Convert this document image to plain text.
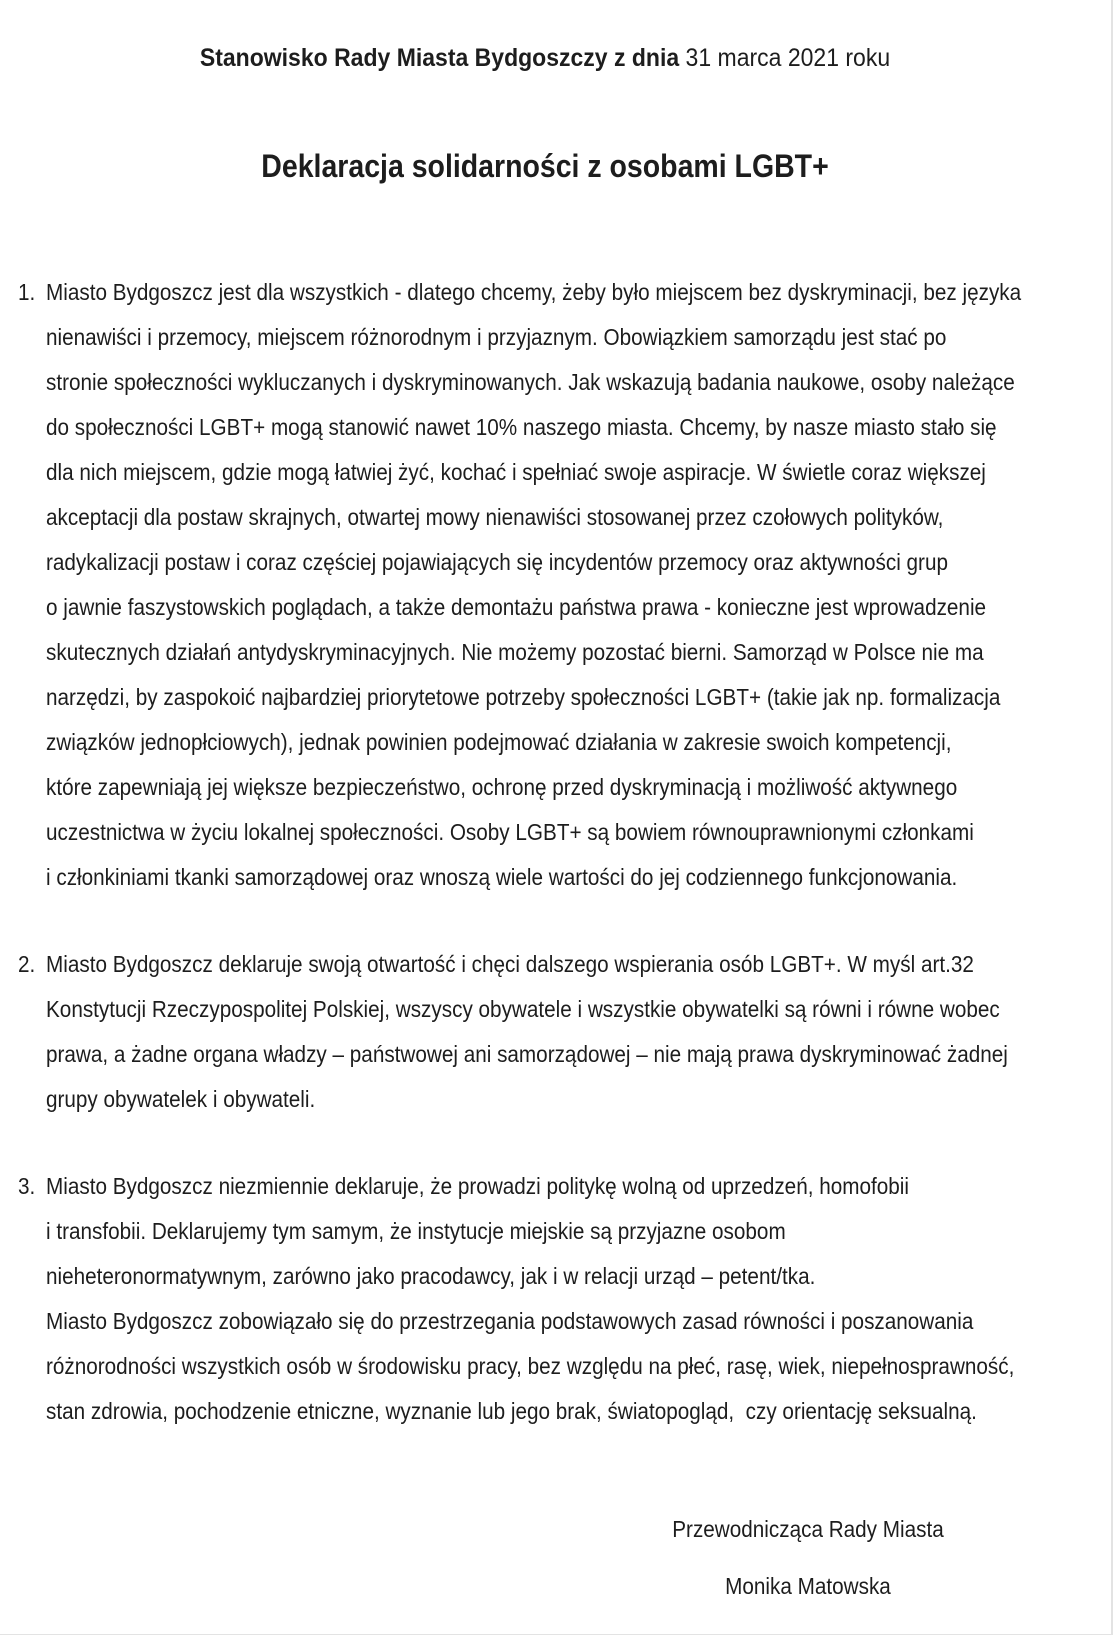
Stanowisko Rady Miasta Bydgoszczy z dnia 31 marca 2021 roku
Deklaracja solidarności z osobami LGBT+
1. Miasto Bydgoszcz jest dla wszystkich - dlatego chcemy, żeby było miejscem bez dyskryminacji, bez języka
nienawiści i przemocy, miejscem różnorodnym i przyjaznym. Obowiązkiem samorządu jest stać po
stronie społeczności wykluczanych i dyskryminowanych. Jak wskazują badania naukowe, osoby należące
do społeczności LGBT+ mogą stanowić nawet 10% naszego miasta. Chcemy, by nasze miasto stało się
dla nich miejscem, gdzie mogą łatwiej żyć, kochać i spełniać swoje aspiracje. W świetle coraz większej
akceptacji dla postaw skrajnych, otwartej mowy nienawiści stosowanej przez czołowych polityków,
radykalizacji postaw i coraz częściej pojawiających się incydentów przemocy oraz aktywności grup
o jawnie faszystowskich poglądach, a także demontażu państwa prawa - konieczne jest wprowadzenie
skutecznych działań antydyskryminacyjnych. Nie możemy pozostać bierni. Samorząd w Polsce nie ma
narzędzi, by zaspokoić najbardziej priorytetowe potrzeby społeczności LGBT+ (takie jak np. formalizacja
związków jednopłciowych), jednak powinien podejmować działania w zakresie swoich kompetencji,
które zapewniają jej większe bezpieczeństwo, ochronę przed dyskryminacją i możliwość aktywnego
uczestnictwa w życiu lokalnej społeczności. Osoby LGBT+ są bowiem równouprawnionymi członkami
i członkiniami tkanki samorządowej oraz wnoszą wiele wartości do jej codziennego funkcjonowania.
2. Miasto Bydgoszcz deklaruje swoją otwartość i chęci dalszego wspierania osób LGBT+. W myśl art.32
Konstytucji Rzeczypospolitej Polskiej, wszyscy obywatele i wszystkie obywatelki są równi i równe wobec
prawa, a żadne organa władzy – państwowej ani samorządowej – nie mają prawa dyskryminować żadnej
grupy obywatelek i obywateli.
3. Miasto Bydgoszcz niezmiennie deklaruje, że prowadzi politykę wolną od uprzedzeń, homofobii
i transfobii. Deklarujemy tym samym, że instytucje miejskie są przyjazne osobom
nieheteronormatywnym, zarówno jako pracodawcy, jak i w relacji urząd – petent/tka.
Miasto Bydgoszcz zobowiązało się do przestrzegania podstawowych zasad równości i poszanowania
różnorodności wszystkich osób w środowisku pracy, bez względu na płeć, rasę, wiek, niepełnosprawność,
stan zdrowia, pochodzenie etniczne, wyznanie lub jego brak, światopogląd,  czy orientację seksualną.
Przewodnicząca Rady Miasta
Monika Matowska
